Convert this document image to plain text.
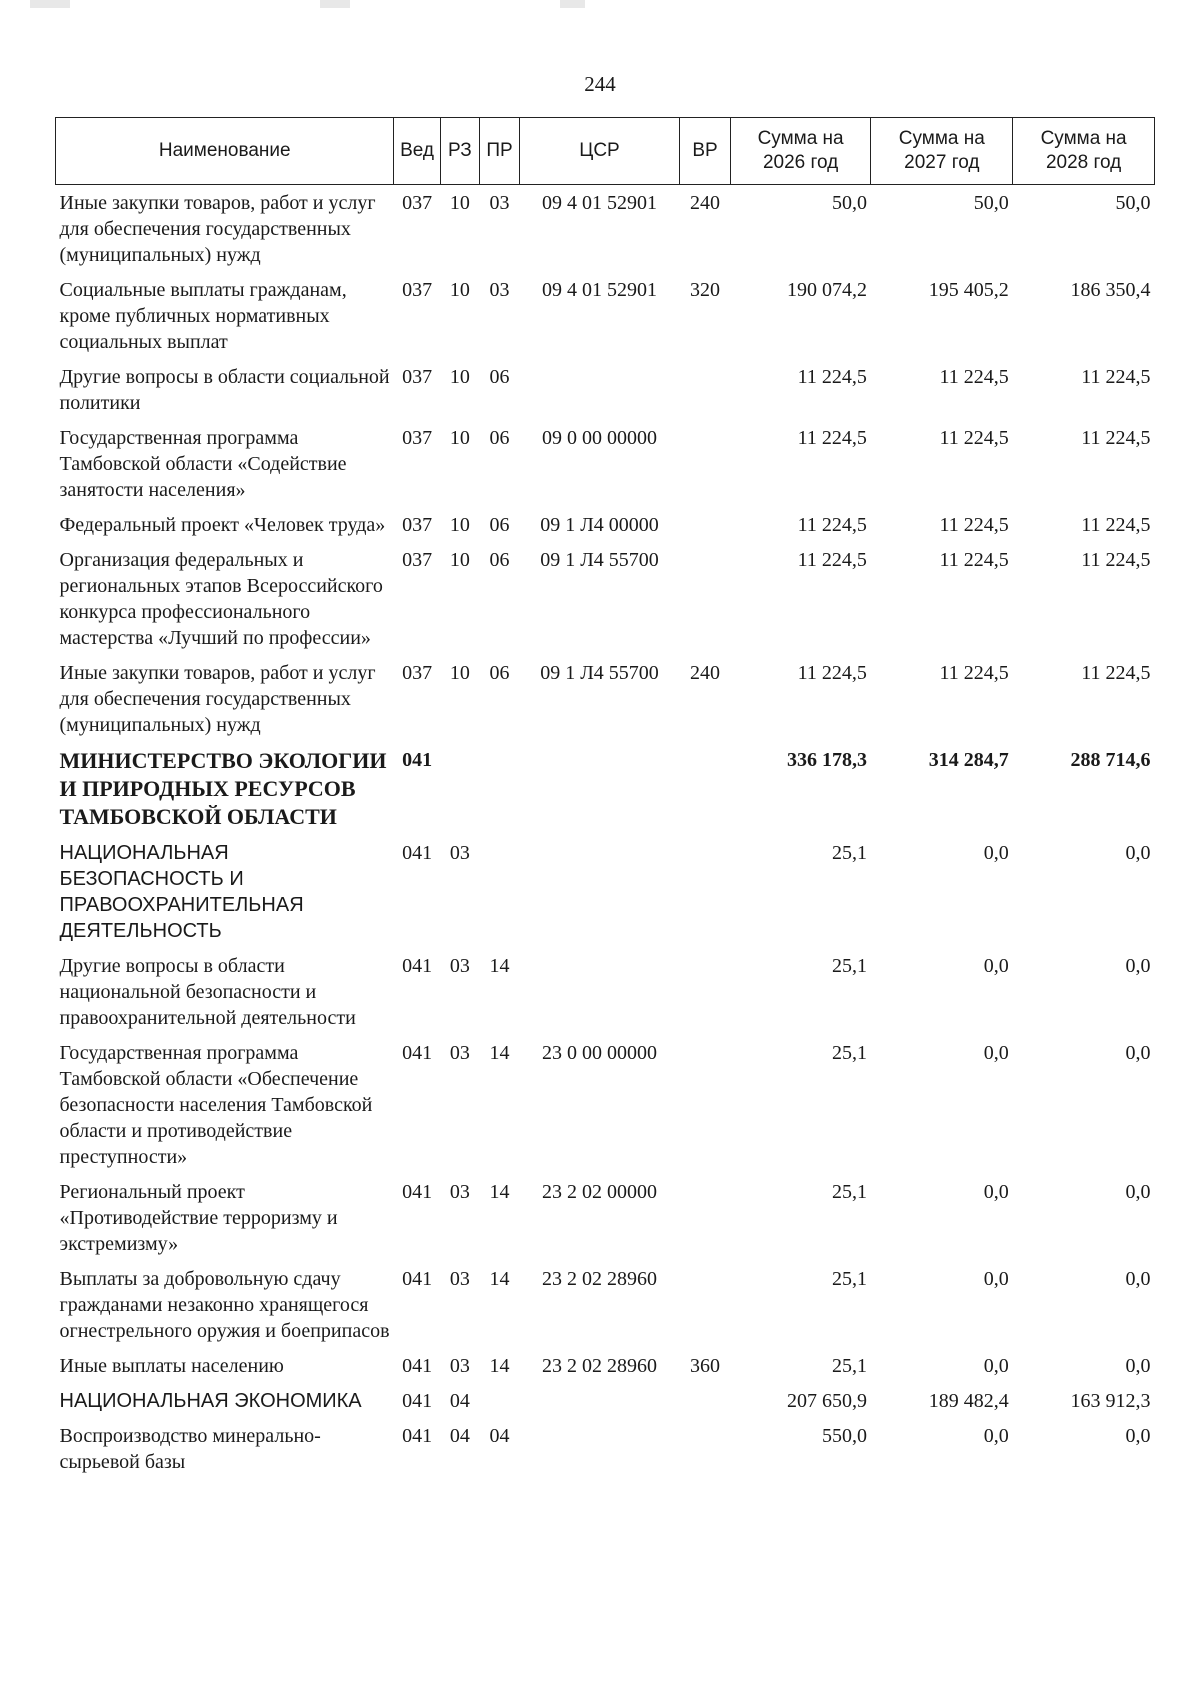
244
Наименование	Вед	РЗ	ПР	ЦСР	ВР	Сумма на 2026 год	Сумма на 2027 год	Сумма на 2028 год
Иные закупки товаров, работ и услуг для обеспечения государственных (муниципальных) нужд	037	10	03	09 4 01 52901	240	50,0	50,0	50,0
Социальные выплаты гражданам, кроме публичных нормативных социальных выплат	037	10	03	09 4 01 52901	320	190 074,2	195 405,2	186 350,4
Другие вопросы в области социальной политики	037	10	06			11 224,5	11 224,5	11 224,5
Государственная программа Тамбовской области «Содействие занятости населения»	037	10	06	09 0 00 00000		11 224,5	11 224,5	11 224,5
Федеральный проект «Человек труда»	037	10	06	09 1 Л4 00000		11 224,5	11 224,5	11 224,5
Организация федеральных и региональных этапов Всероссийского конкурса профессионального мастерства «Лучший по профессии»	037	10	06	09 1 Л4 55700		11 224,5	11 224,5	11 224,5
Иные закупки товаров, работ и услуг для обеспечения государственных (муниципальных) нужд	037	10	06	09 1 Л4 55700	240	11 224,5	11 224,5	11 224,5
МИНИСТЕРСТВО ЭКОЛОГИИ И ПРИРОДНЫХ РЕСУРСОВ ТАМБОВСКОЙ ОБЛАСТИ	041					336 178,3	314 284,7	288 714,6
НАЦИОНАЛЬНАЯ БЕЗОПАСНОСТЬ И ПРАВООХРАНИТЕЛЬНАЯ ДЕЯТЕЛЬНОСТЬ	041	03				25,1	0,0	0,0
Другие вопросы в области национальной безопасности и правоохранительной деятельности	041	03	14			25,1	0,0	0,0
Государственная программа Тамбовской области «Обеспечение безопасности населения Тамбовской области и противодействие преступности»	041	03	14	23 0 00 00000		25,1	0,0	0,0
Региональный проект «Противодействие терроризму и экстремизму»	041	03	14	23 2 02 00000		25,1	0,0	0,0
Выплаты за добровольную сдачу гражданами незаконно хранящегося огнестрельного оружия и боеприпасов	041	03	14	23 2 02 28960		25,1	0,0	0,0
Иные выплаты населению	041	03	14	23 2 02 28960	360	25,1	0,0	0,0
НАЦИОНАЛЬНАЯ ЭКОНОМИКА	041	04				207 650,9	189 482,4	163 912,3
Воспроизводство минерально-сырьевой базы	041	04	04			550,0	0,0	0,0
